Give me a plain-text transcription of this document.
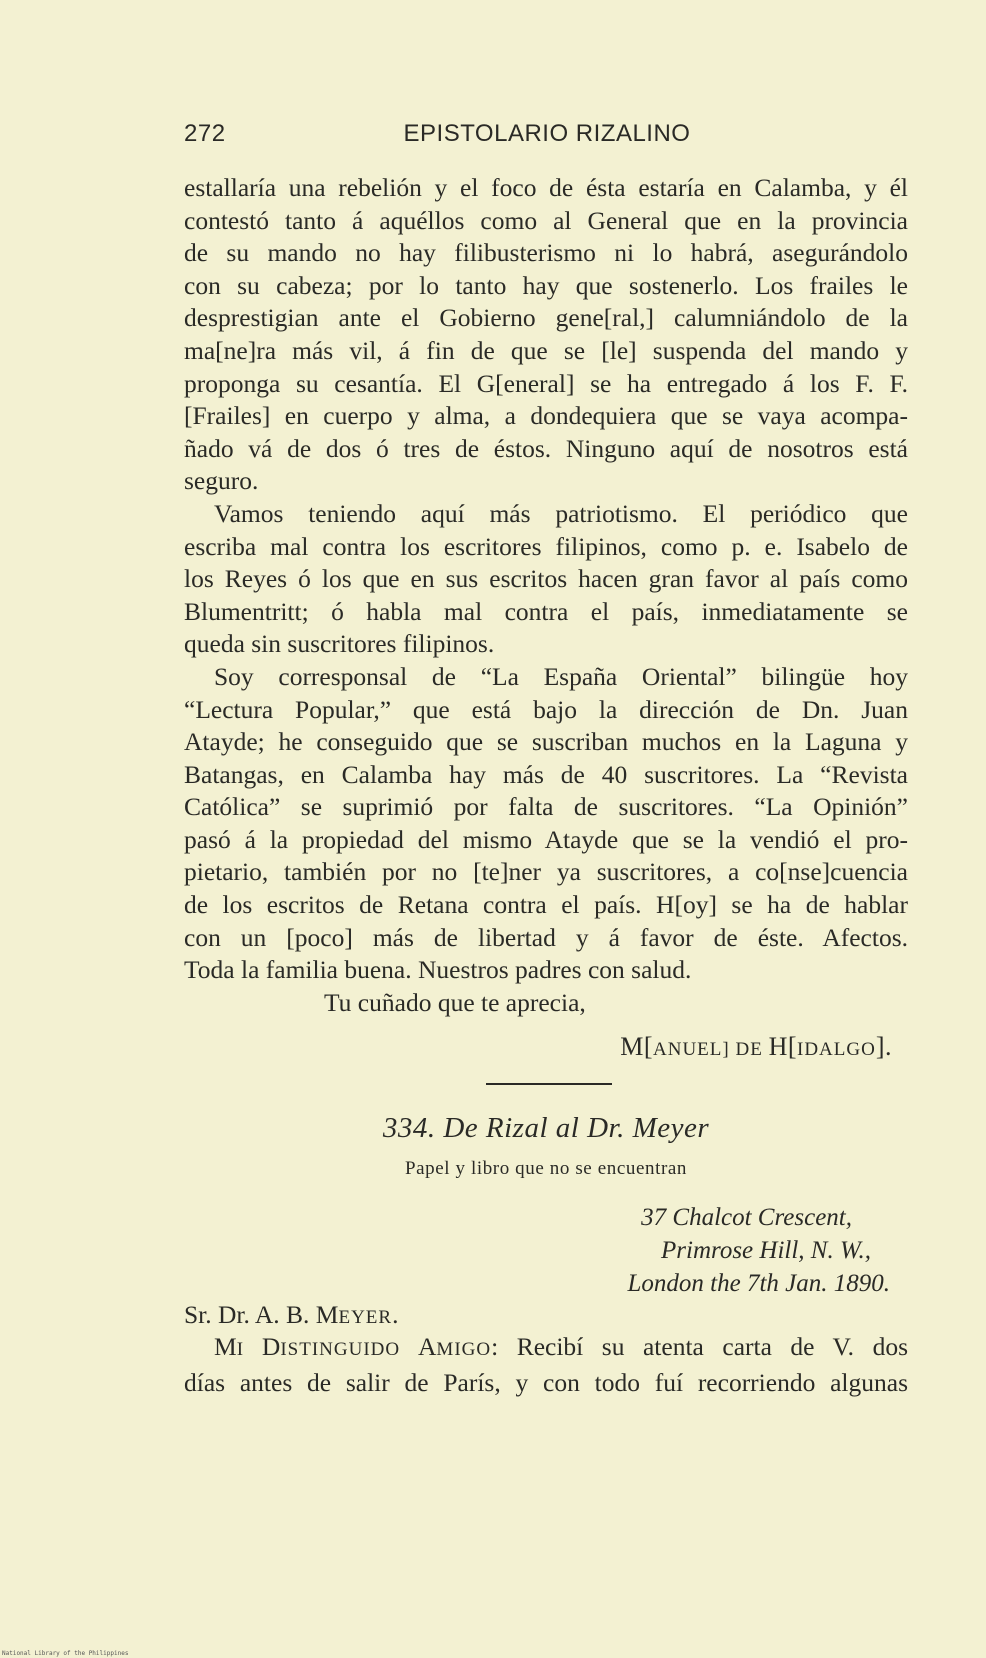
272	EPISTOLARIO RIZALINO
estallaría una rebelión y el foco de ésta estaría en Calamba, y él
contestó tanto á aquéllos como al General que en la provincia
de su mando no hay filibusterismo ni lo habrá, asegurándolo
con su cabeza; por lo tanto hay que sostenerlo. Los frailes le
desprestigian ante el Gobierno gene[ral,] calumniándolo de la
ma[ne]ra más vil, á fin de que se [le] suspenda del mando y
proponga su cesantía. El G[eneral] se ha entregado á los F. F.
[Frailes] en cuerpo y alma, a dondequiera que se vaya acompa-
ñado vá de dos ó tres de éstos. Ninguno aquí de nosotros está
seguro.
Vamos teniendo aquí más patriotismo. El periódico que
escriba mal contra los escritores filipinos, como p. e. Isabelo de
los Reyes ó los que en sus escritos hacen gran favor al país como
Blumentritt; ó habla mal contra el país, inmediatamente se
queda sin suscritores filipinos.
Soy corresponsal de “La España Oriental” bilingüe hoy
“Lectura Popular,” que está bajo la dirección de Dn. Juan
Atayde; he conseguido que se suscriban muchos en la Laguna y
Batangas, en Calamba hay más de 40 suscritores. La “Revista
Católica” se suprimió por falta de suscritores. “La Opinión”
pasó á la propiedad del mismo Atayde que se la vendió el pro-
pietario, también por no [te]ner ya suscritores, a co[nse]cuencia
de los escritos de Retana contra el país. H[oy] se ha de hablar
con un [poco] más de libertad y á favor de éste. Afectos.
Toda la familia buena. Nuestros padres con salud.
Tu cuñado que te aprecia,
M[ANUEL] DE H[IDALGO].
334. De Rizal al Dr. Meyer
Papel y libro que no se encuentran
37 Chalcot Crescent,
Primrose Hill, N. W.,
London the 7th Jan. 1890.
Sr. Dr. A. B. MEYER.
MI DISTINGUIDO AMIGO: Recibí su atenta carta de V. dos
días antes de salir de París, y con todo fuí recorriendo algunas
National Library of the Philippines
